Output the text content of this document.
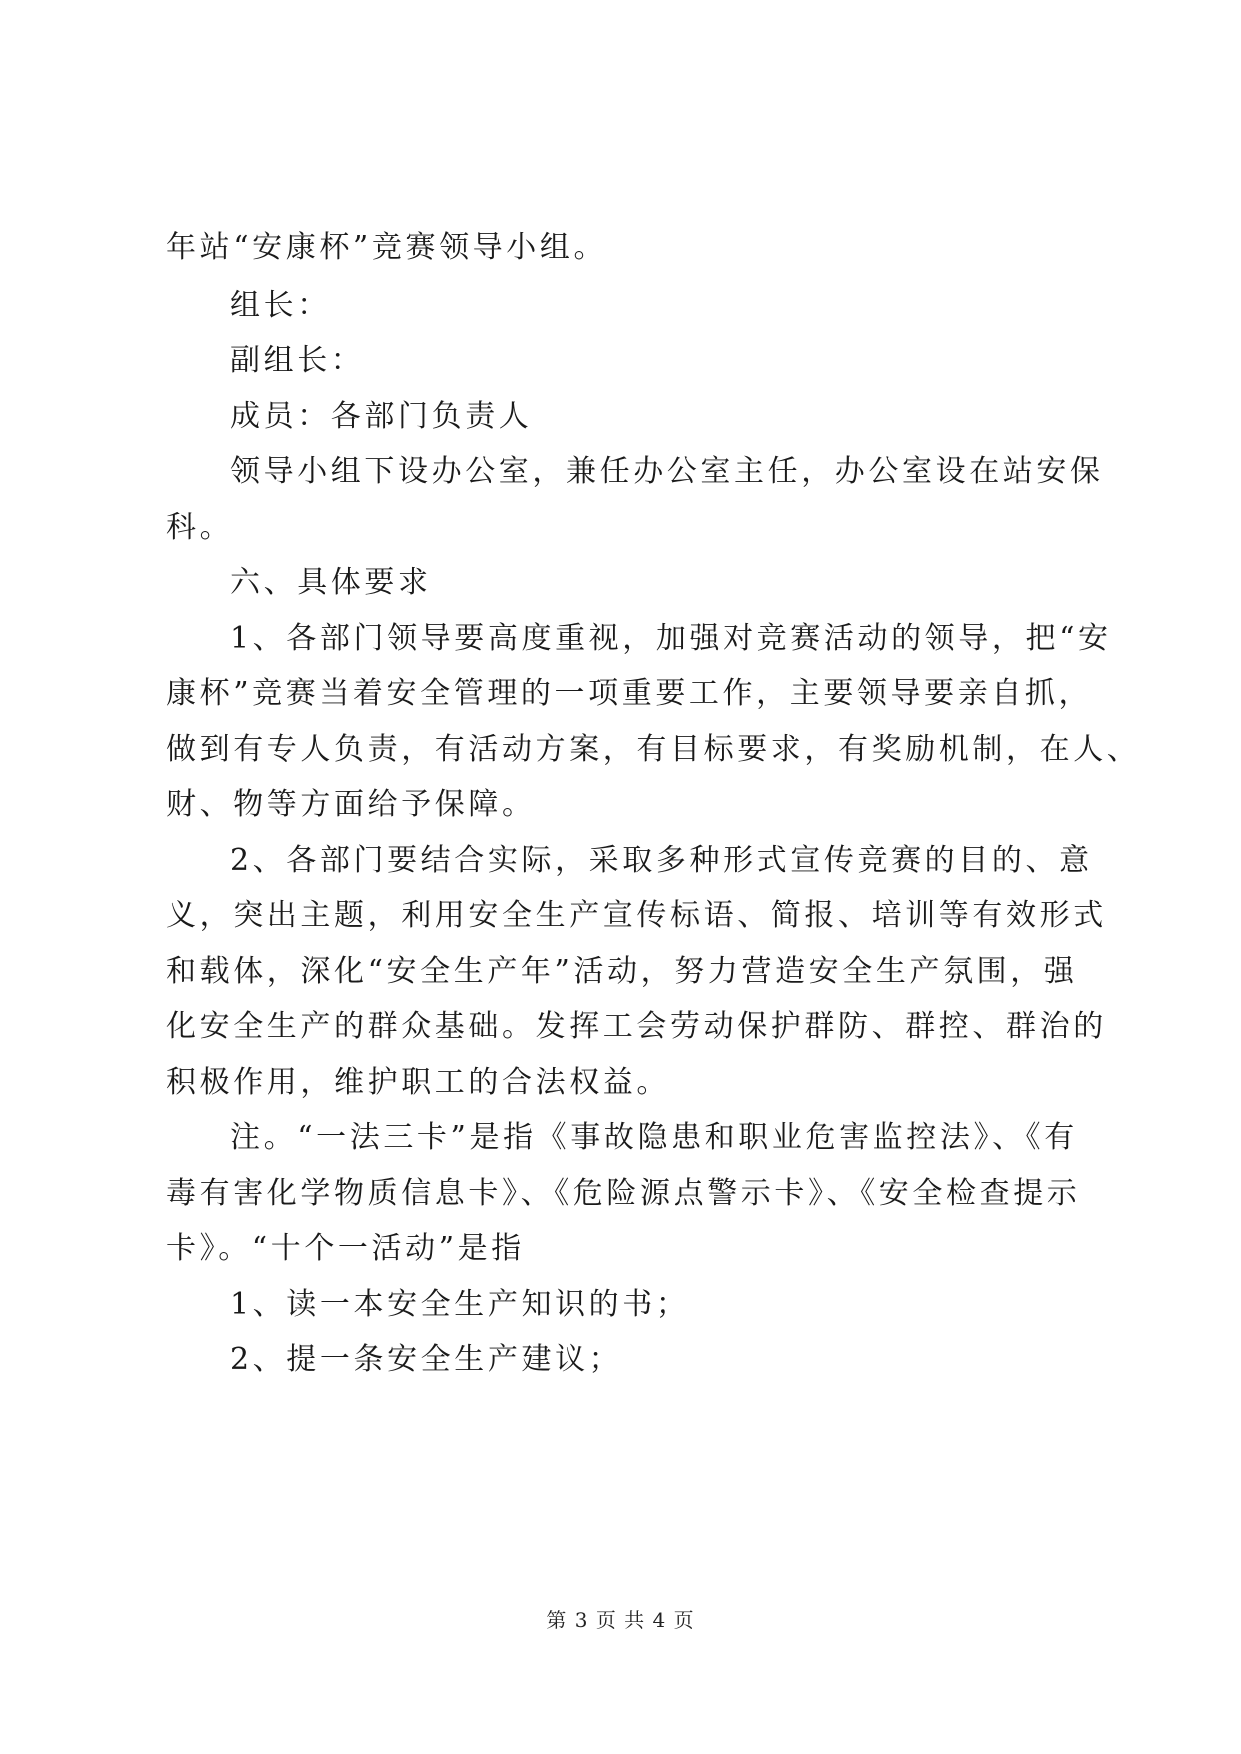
年站“安康杯”竞赛领导小组。
组长：
副组长：
成员：各部门负责人
领导小组下设办公室，兼任办公室主任，办公室设在站安保
科。
六、具体要求
1、各部门领导要高度重视，加强对竞赛活动的领导，把“安
康杯”竞赛当着安全管理的一项重要工作，主要领导要亲自抓，
做到有专人负责，有活动方案，有目标要求，有奖励机制，在人、
财、物等方面给予保障。
2、各部门要结合实际，采取多种形式宣传竞赛的目的、意
义，突出主题，利用安全生产宣传标语、简报、培训等有效形式
和载体，深化“安全生产年”活动，努力营造安全生产氛围，强
化安全生产的群众基础。发挥工会劳动保护群防、群控、群治的
积极作用，维护职工的合法权益。
注。“一法三卡”是指《事故隐患和职业危害监控法》、《有
毒有害化学物质信息卡》、《危险源点警示卡》、《安全检查提示
卡》。“十个一活动”是指
1、读一本安全生产知识的书；
2、提一条安全生产建议；
第 3 页 共 4 页
